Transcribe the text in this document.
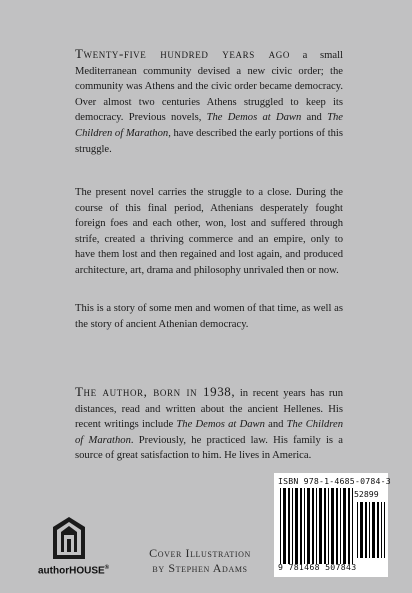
Twenty-five hundred years ago a small Mediterranean community devised a new civic order; the community was Athens and the civic order became democracy. Over almost two centuries Athens struggled to keep its democracy. Previous novels, The Demos at Dawn and The Children of Marathon, have described the early portions of this struggle.

The present novel carries the struggle to a close. During the course of this final period, Athenians desperately fought foreign foes and each other, won, lost and suffered through strife, created a thriving commerce and an empire, only to have them lost and then regained and lost again, and produced architecture, art, drama and philosophy unrivaled then or now.

This is a story of some men and women of that time, as well as the story of ancient Athenian democracy.

The author, born in 1938, in recent years has run distances, read and written about the ancient Hellenes. His recent writings include The Demos at Dawn and The Children of Marathon. Previously, he practiced law. His family is a source of great satisfaction to him. He lives in America.

authorHOUSE®
Cover Illustration
by Stephen Adams
ISBN 978-1-4685-0784-3
52899
9 781468 507843
